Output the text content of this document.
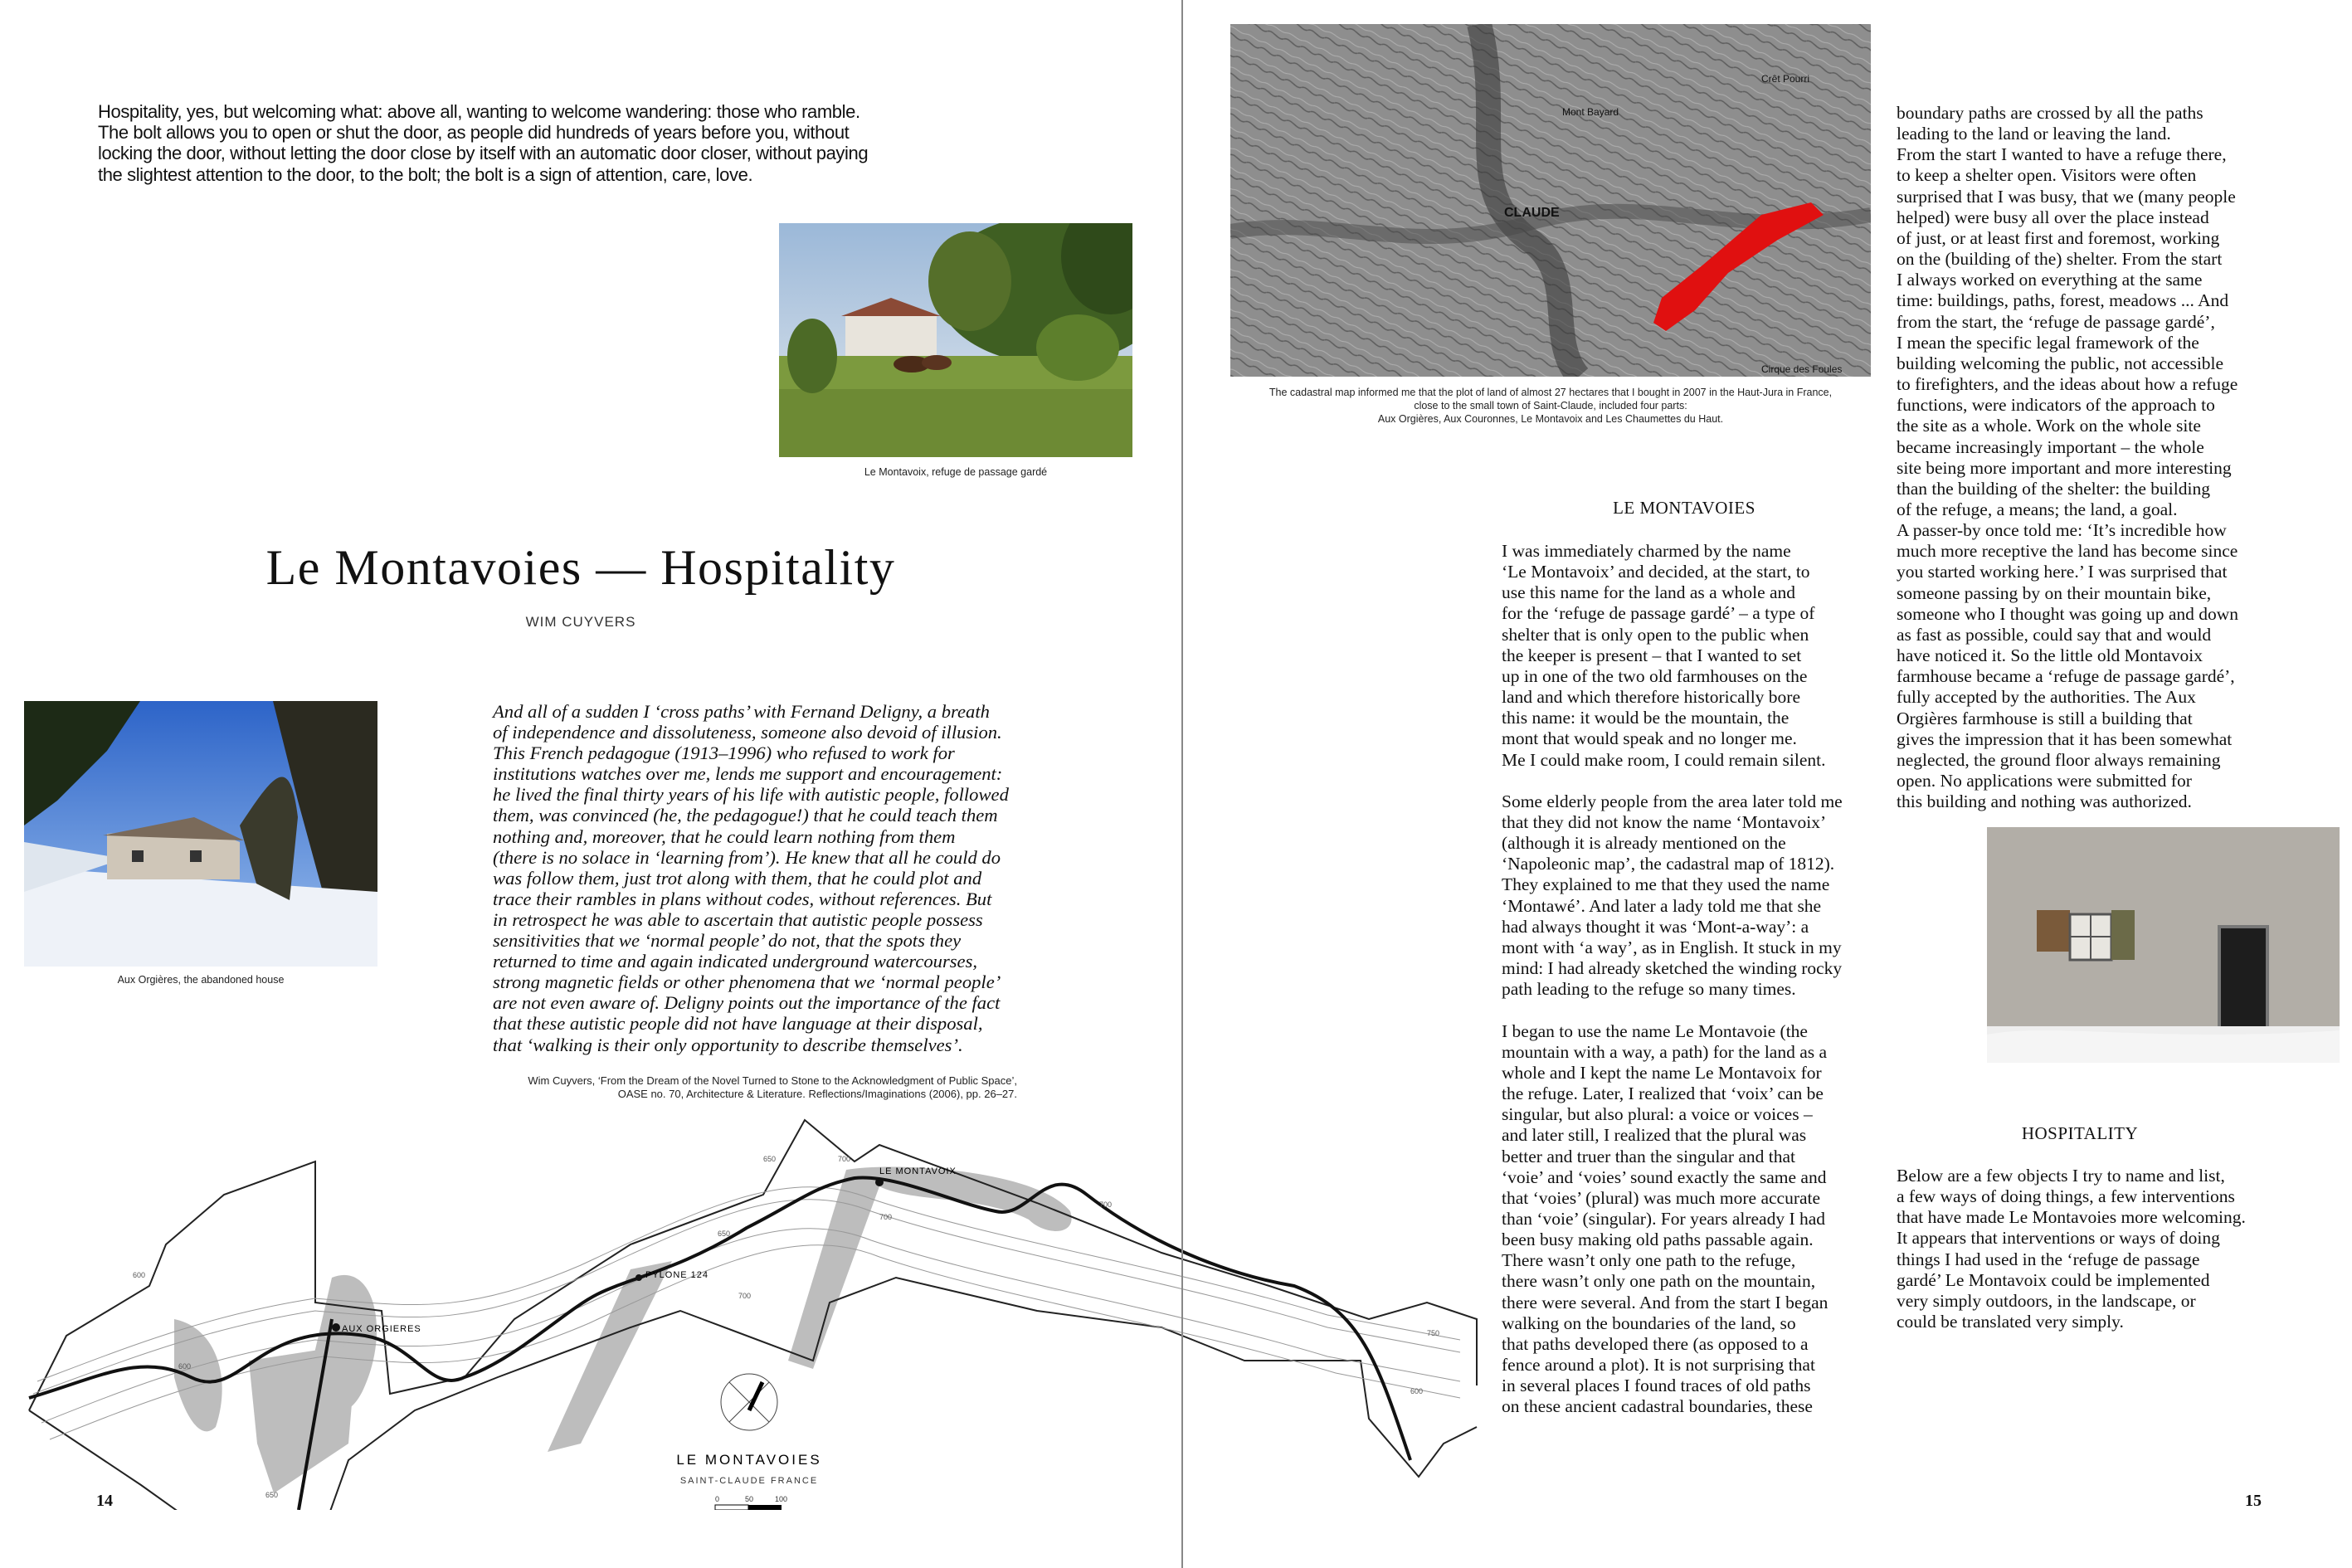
Hospitality, yes, but welcoming what: above all, wanting to welcome wandering: those who ramble.
The bolt allows you to open or shut the door, as people did hundreds of years before you, without
locking the door, without letting the door close by itself with an automatic door closer, without paying
the slightest attention to the door, to the bolt; the bolt is a sign of attention, care, love.
Le Montavoix, refuge de passage gardé
Le Montavoies — Hospitality
WIM CUYVERS
Aux Orgières, the abandoned house
And all of a sudden I ‘cross paths’ with Fernand Deligny, a breath
of independence and dissoluteness, someone also devoid of illusion.
This French pedagogue (1913–1996) who refused to work for
institutions watches over me, lends me support and encouragement:
he lived the final thirty years of his life with autistic people, followed
them, was convinced (he, the pedagogue!) that he could teach them
nothing and, moreover, that he could learn nothing from them
(there is no solace in ‘learning from’). He knew that all he could do
was follow them, just trot along with them, that he could plot and
trace their rambles in plans without codes, without references. But
in retrospect he was able to ascertain that autistic people possess
sensitivities that we ‘normal people’ do not, that the spots they
returned to time and again indicated underground watercourses,
strong magnetic fields or other phenomena that we ‘normal people’
are not even aware of. Deligny points out the importance of the fact
that these autistic people did not have language at their disposal,
that ‘walking is their only opportunity to describe themselves’.
Wim Cuyvers, ‘From the Dream of the Novel Turned to Stone to the Acknowledgment of Public Space’,
OASE no. 70, Architecture & Literature. Reflections/Imaginations (2006), pp. 26–27.
LE MONTAVOIX
PYLONE 124
AUX ORGIERES
600
650	700
650
700
700
700
750
600
650
600
LE MONTAVOIES
SAINT-CLAUDE FRANCE
0	50	100
14
CLAUDE
Mont Bayard
Crêt Pourri
Cirque des Foules
The cadastral map informed me that the plot of land of almost 27 hectares that I bought in 2007 in the Haut-Jura in France,
close to the small town of Saint-Claude, included four parts:
Aux Orgières, Aux Couronnes, Le Montavoix and Les Chaumettes du Haut.
LE MONTAVOIES
I was immediately charmed by the name
‘Le Montavoix’ and decided, at the start, to
use this name for the land as a whole and
for the ‘refuge de passage gardé’ – a type of
shelter that is only open to the public when
the keeper is present – that I wanted to set
up in one of the two old farmhouses on the
land and which therefore historically bore
this name: it would be the mountain, the
mont that would speak and no longer me.
Me I could make room, I could remain silent.
Some elderly people from the area later told me
that they did not know the name ‘Montavoix’
(although it is already mentioned on the
‘Napoleonic map’, the cadastral map of 1812).
They explained to me that they used the name
‘Montawé’. And later a lady told me that she
had always thought it was ‘Mont-a-way’: a
mont with ‘a way’, as in English. It stuck in my
mind: I had already sketched the winding rocky
path leading to the refuge so many times.
I began to use the name Le Montavoie (the
mountain with a way, a path) for the land as a
whole and I kept the name Le Montavoix for
the refuge. Later, I realized that ‘voix’ can be
singular, but also plural: a voice or voices –
and later still, I realized that the plural was
better and truer than the singular and that
‘voie’ and ‘voies’ sound exactly the same and
that ‘voies’ (plural) was much more accurate
than ‘voie’ (singular). For years already I had
been busy making old paths passable again.
There wasn’t only one path to the refuge,
there wasn’t only one path on the mountain,
there were several. And from the start I began
walking on the boundaries of the land, so
that paths developed there (as opposed to a
fence around a plot). It is not surprising that
in several places I found traces of old paths
on these ancient cadastral boundaries, these
boundary paths are crossed by all the paths
leading to the land or leaving the land.
From the start I wanted to have a refuge there,
to keep a shelter open. Visitors were often
surprised that I was busy, that we (many people
helped) were busy all over the place instead
of just, or at least first and foremost, working
on the (building of the) shelter. From the start
I always worked on everything at the same
time: buildings, paths, forest, meadows ... And
from the start, the ‘refuge de passage gardé’,
I mean the specific legal framework of the
building welcoming the public, not accessible
to firefighters, and the ideas about how a refuge
functions, were indicators of the approach to
the site as a whole. Work on the whole site
became increasingly important – the whole
site being more important and more interesting
than the building of the shelter: the building
of the refuge, a means; the land, a goal.
A passer-by once told me: ‘It’s incredible how
much more receptive the land has become since
you started working here.’ I was surprised that
someone passing by on their mountain bike,
someone who I thought was going up and down
as fast as possible, could say that and would
have noticed it. So the little old Montavoix
farmhouse became a ‘refuge de passage gardé’,
fully accepted by the authorities. The Aux
Orgières farmhouse is still a building that
gives the impression that it has been somewhat
neglected, the ground floor always remaining
open. No applications were submitted for
this building and nothing was authorized.
HOSPITALITY
Below are a few objects I try to name and list,
a few ways of doing things, a few interventions
that have made Le Montavoies more welcoming.
It appears that interventions or ways of doing
things I had used in the ‘refuge de passage
gardé’ Le Montavoix could be implemented
very simply outdoors, in the landscape, or
could be translated very simply.
15
